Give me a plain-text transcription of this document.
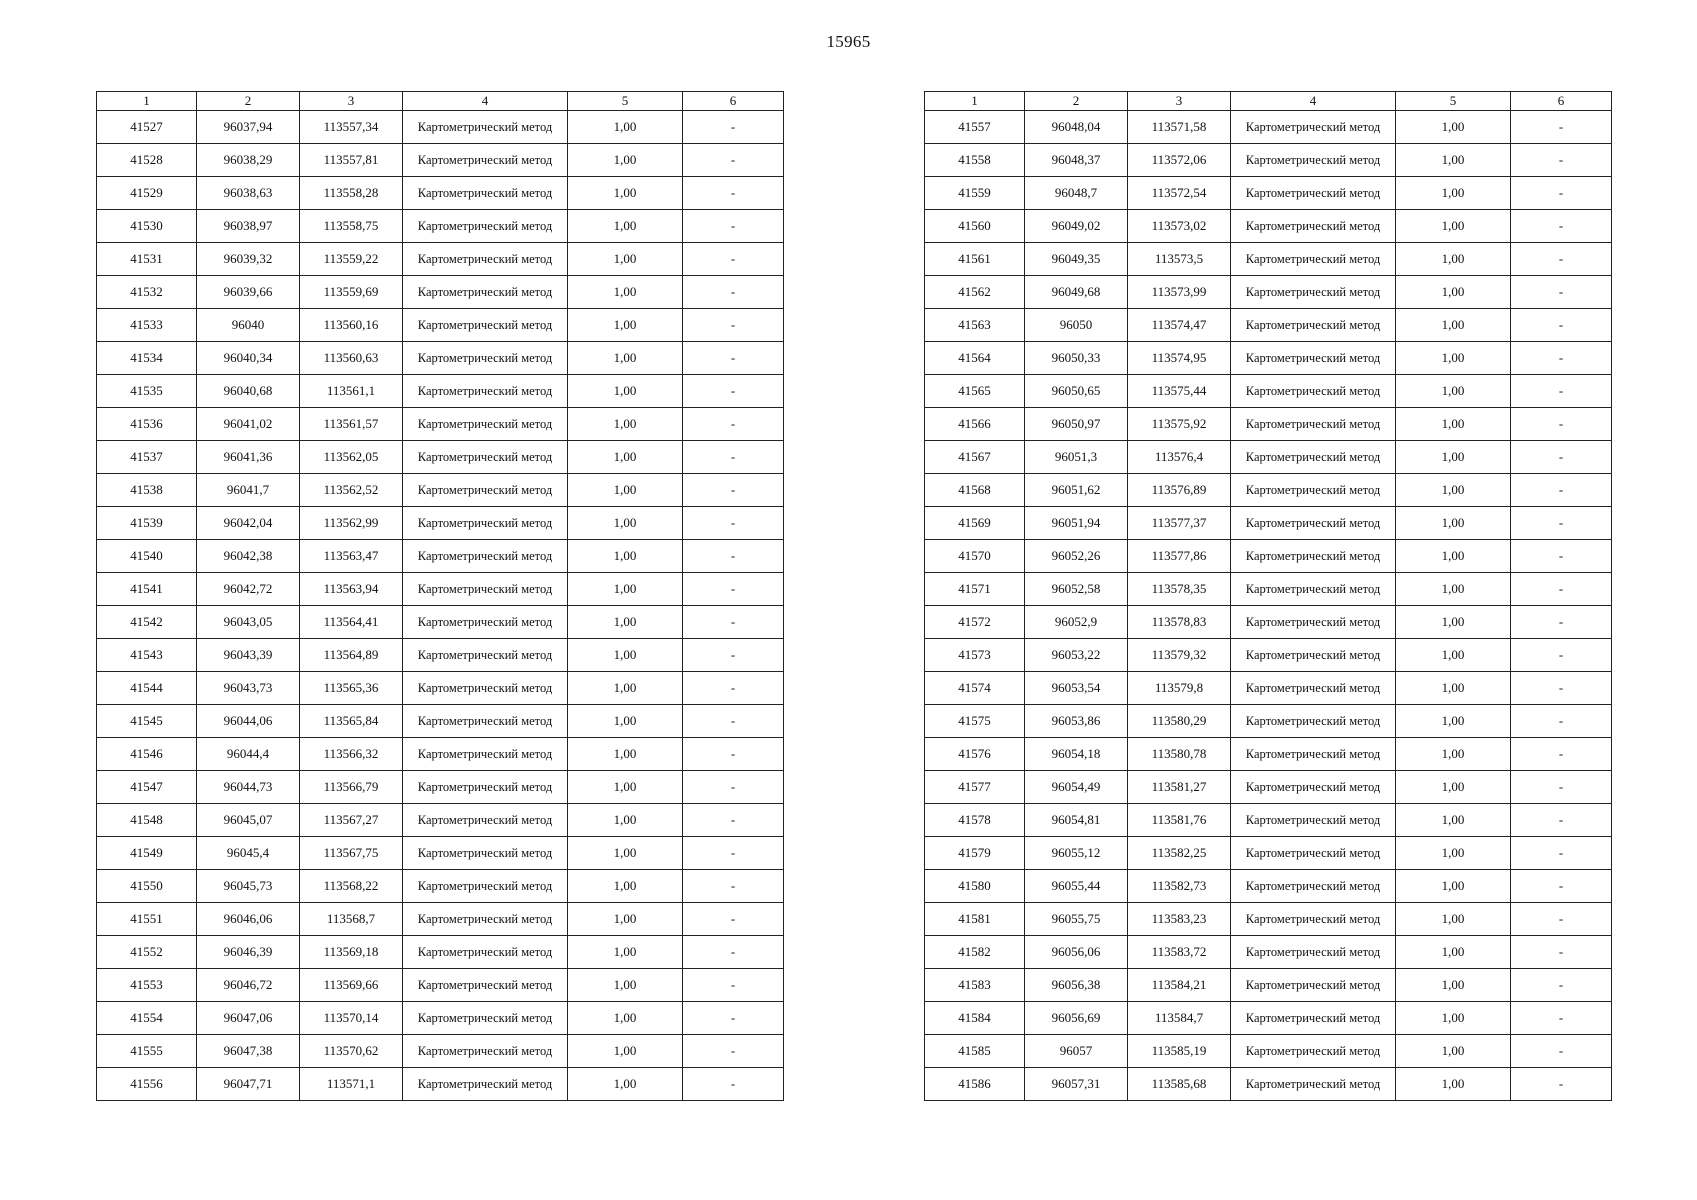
15965
1	2	3	4	5	6
41527	96037,94	113557,34	Картометрический метод	1,00	-
41528	96038,29	113557,81	Картометрический метод	1,00	-
41529	96038,63	113558,28	Картометрический метод	1,00	-
41530	96038,97	113558,75	Картометрический метод	1,00	-
41531	96039,32	113559,22	Картометрический метод	1,00	-
41532	96039,66	113559,69	Картометрический метод	1,00	-
41533	96040	113560,16	Картометрический метод	1,00	-
41534	96040,34	113560,63	Картометрический метод	1,00	-
41535	96040,68	113561,1	Картометрический метод	1,00	-
41536	96041,02	113561,57	Картометрический метод	1,00	-
41537	96041,36	113562,05	Картометрический метод	1,00	-
41538	96041,7	113562,52	Картометрический метод	1,00	-
41539	96042,04	113562,99	Картометрический метод	1,00	-
41540	96042,38	113563,47	Картометрический метод	1,00	-
41541	96042,72	113563,94	Картометрический метод	1,00	-
41542	96043,05	113564,41	Картометрический метод	1,00	-
41543	96043,39	113564,89	Картометрический метод	1,00	-
41544	96043,73	113565,36	Картометрический метод	1,00	-
41545	96044,06	113565,84	Картометрический метод	1,00	-
41546	96044,4	113566,32	Картометрический метод	1,00	-
41547	96044,73	113566,79	Картометрический метод	1,00	-
41548	96045,07	113567,27	Картометрический метод	1,00	-
41549	96045,4	113567,75	Картометрический метод	1,00	-
41550	96045,73	113568,22	Картометрический метод	1,00	-
41551	96046,06	113568,7	Картометрический метод	1,00	-
41552	96046,39	113569,18	Картометрический метод	1,00	-
41553	96046,72	113569,66	Картометрический метод	1,00	-
41554	96047,06	113570,14	Картометрический метод	1,00	-
41555	96047,38	113570,62	Картометрический метод	1,00	-
41556	96047,71	113571,1	Картометрический метод	1,00	-
1	2	3	4	5	6
41557	96048,04	113571,58	Картометрический метод	1,00	-
41558	96048,37	113572,06	Картометрический метод	1,00	-
41559	96048,7	113572,54	Картометрический метод	1,00	-
41560	96049,02	113573,02	Картометрический метод	1,00	-
41561	96049,35	113573,5	Картометрический метод	1,00	-
41562	96049,68	113573,99	Картометрический метод	1,00	-
41563	96050	113574,47	Картометрический метод	1,00	-
41564	96050,33	113574,95	Картометрический метод	1,00	-
41565	96050,65	113575,44	Картометрический метод	1,00	-
41566	96050,97	113575,92	Картометрический метод	1,00	-
41567	96051,3	113576,4	Картометрический метод	1,00	-
41568	96051,62	113576,89	Картометрический метод	1,00	-
41569	96051,94	113577,37	Картометрический метод	1,00	-
41570	96052,26	113577,86	Картометрический метод	1,00	-
41571	96052,58	113578,35	Картометрический метод	1,00	-
41572	96052,9	113578,83	Картометрический метод	1,00	-
41573	96053,22	113579,32	Картометрический метод	1,00	-
41574	96053,54	113579,8	Картометрический метод	1,00	-
41575	96053,86	113580,29	Картометрический метод	1,00	-
41576	96054,18	113580,78	Картометрический метод	1,00	-
41577	96054,49	113581,27	Картометрический метод	1,00	-
41578	96054,81	113581,76	Картометрический метод	1,00	-
41579	96055,12	113582,25	Картометрический метод	1,00	-
41580	96055,44	113582,73	Картометрический метод	1,00	-
41581	96055,75	113583,23	Картометрический метод	1,00	-
41582	96056,06	113583,72	Картометрический метод	1,00	-
41583	96056,38	113584,21	Картометрический метод	1,00	-
41584	96056,69	113584,7	Картометрический метод	1,00	-
41585	96057	113585,19	Картометрический метод	1,00	-
41586	96057,31	113585,68	Картометрический метод	1,00	-
